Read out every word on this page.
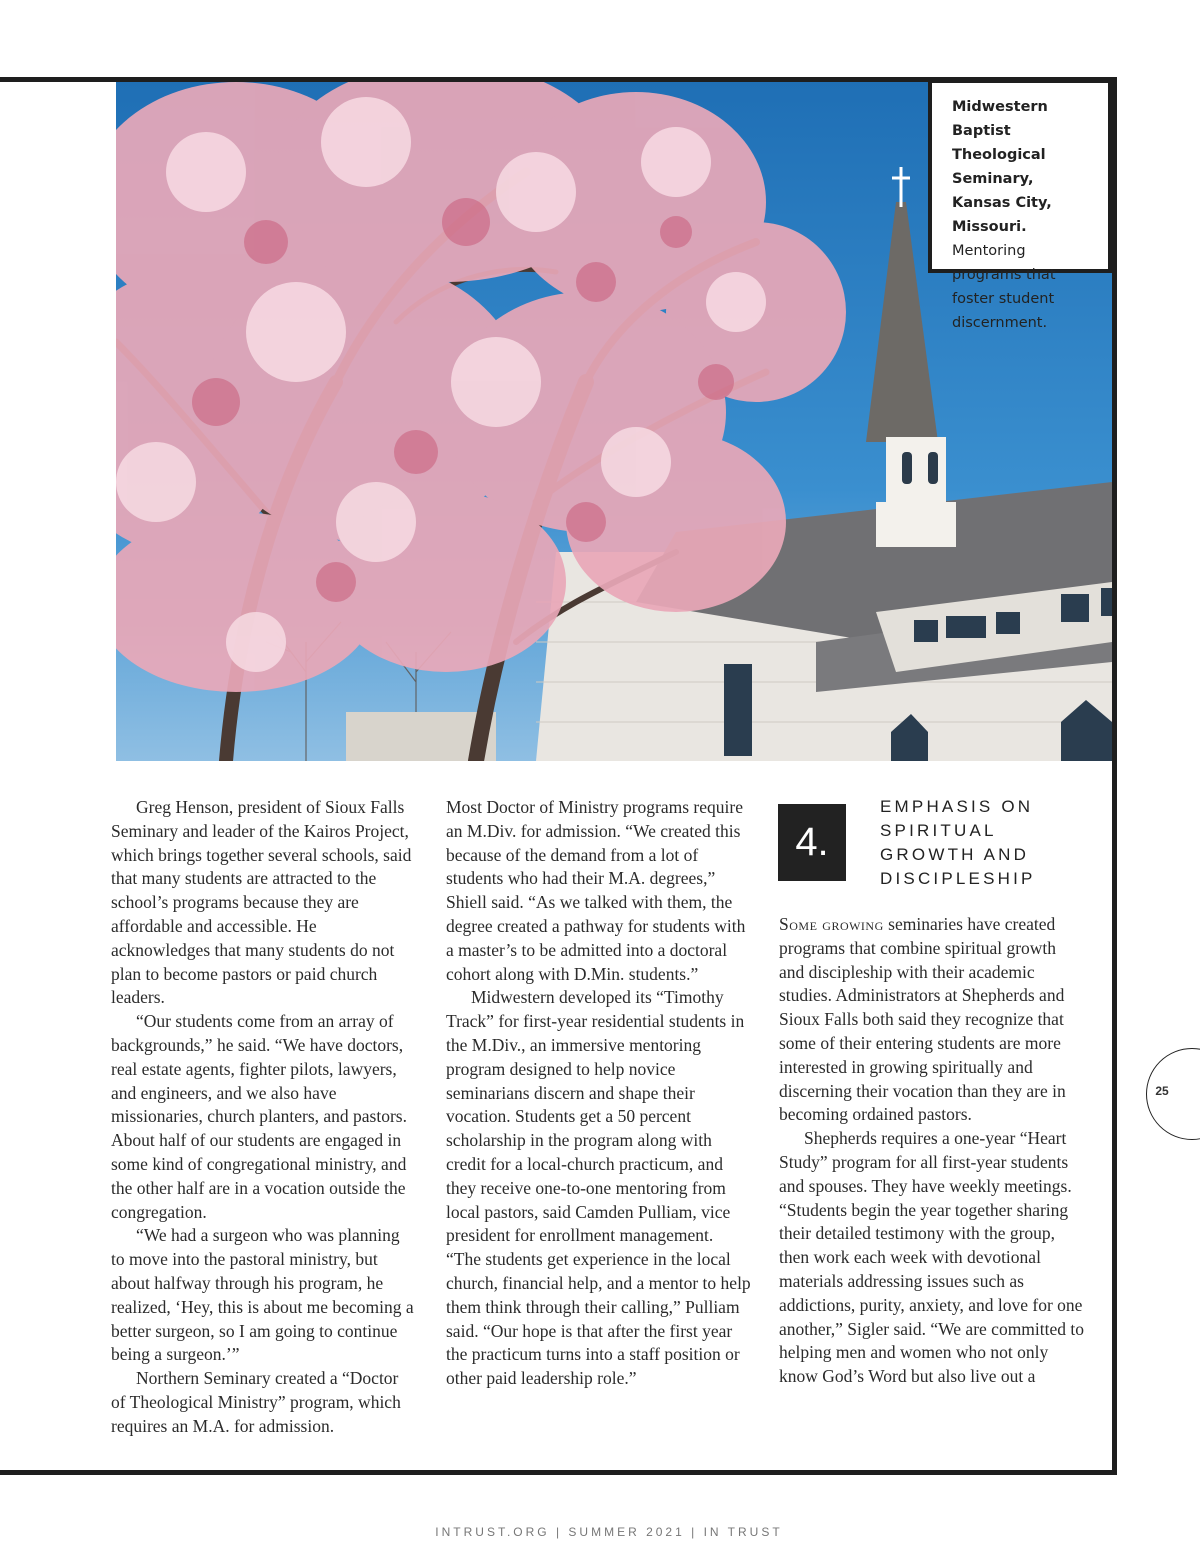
Midwestern Baptist Theological Seminary, Kansas City, Missouri.
Mentoring programs that foster student discernment.

Greg Henson, president of Sioux Falls Seminary and leader of the Kairos Project, which brings together several schools, said that many students are attracted to the school’s programs because they are affordable and accessible. He acknowledges that many students do not plan to become pastors or paid church leaders.

“Our students come from an array of backgrounds,” he said. “We have doctors, real estate agents, fighter pilots, lawyers, and engineers, and we also have missionaries, church planters, and pastors. About half of our students are engaged in some kind of congregational ministry, and the other half are in a vocation outside the congregation.

“We had a surgeon who was planning to move into the pastoral ministry, but about halfway through his program, he realized, ‘Hey, this is about me becoming a better surgeon, so I am going to continue being a surgeon.’”

Northern Seminary created a “Doctor of Theological Ministry” program, which requires an M.A. for admission.

Most Doctor of Ministry programs require an M.Div. for admission. “We created this because of the demand from a lot of students who had their M.A. degrees,” Shiell said. “As we talked with them, the degree created a pathway for students with a master’s to be admitted into a doctoral cohort along with D.Min. students.”

Midwestern developed its “Timothy Track” for first-year residential students in the M.Div., an immersive mentoring program designed to help novice seminarians discern and shape their vocation. Students get a 50 percent scholarship in the program along with credit for a local-church practicum, and they receive one-to-one mentoring from local pastors, said Camden Pulliam, vice president for enrollment management. “The students get experience in the local church, financial help, and a mentor to help them think through their calling,” Pulliam said. “Our hope is that after the first year the practicum turns into a staff position or other paid leadership role.”

4.
EMPHASIS ON SPIRITUAL GROWTH AND DISCIPLESHIP

Some growing seminaries have created programs that combine spiritual growth and discipleship with their academic studies. Administrators at Shepherds and Sioux Falls both said they recognize that some of their entering students are more interested in growing spiritually and discerning their vocation than they are in becoming ordained pastors.

Shepherds requires a one-year “Heart Study” program for all first-year students and spouses. They have weekly meetings. “Students begin the year together sharing their detailed testimony with the group, then work each week with devotional materials addressing issues such as addictions, purity, anxiety, and love for one another,” Sigler said. “We are committed to helping men and women who not only know God’s Word but also live out a

25
INTRUST.ORG | SUMMER 2021 | IN TRUST
